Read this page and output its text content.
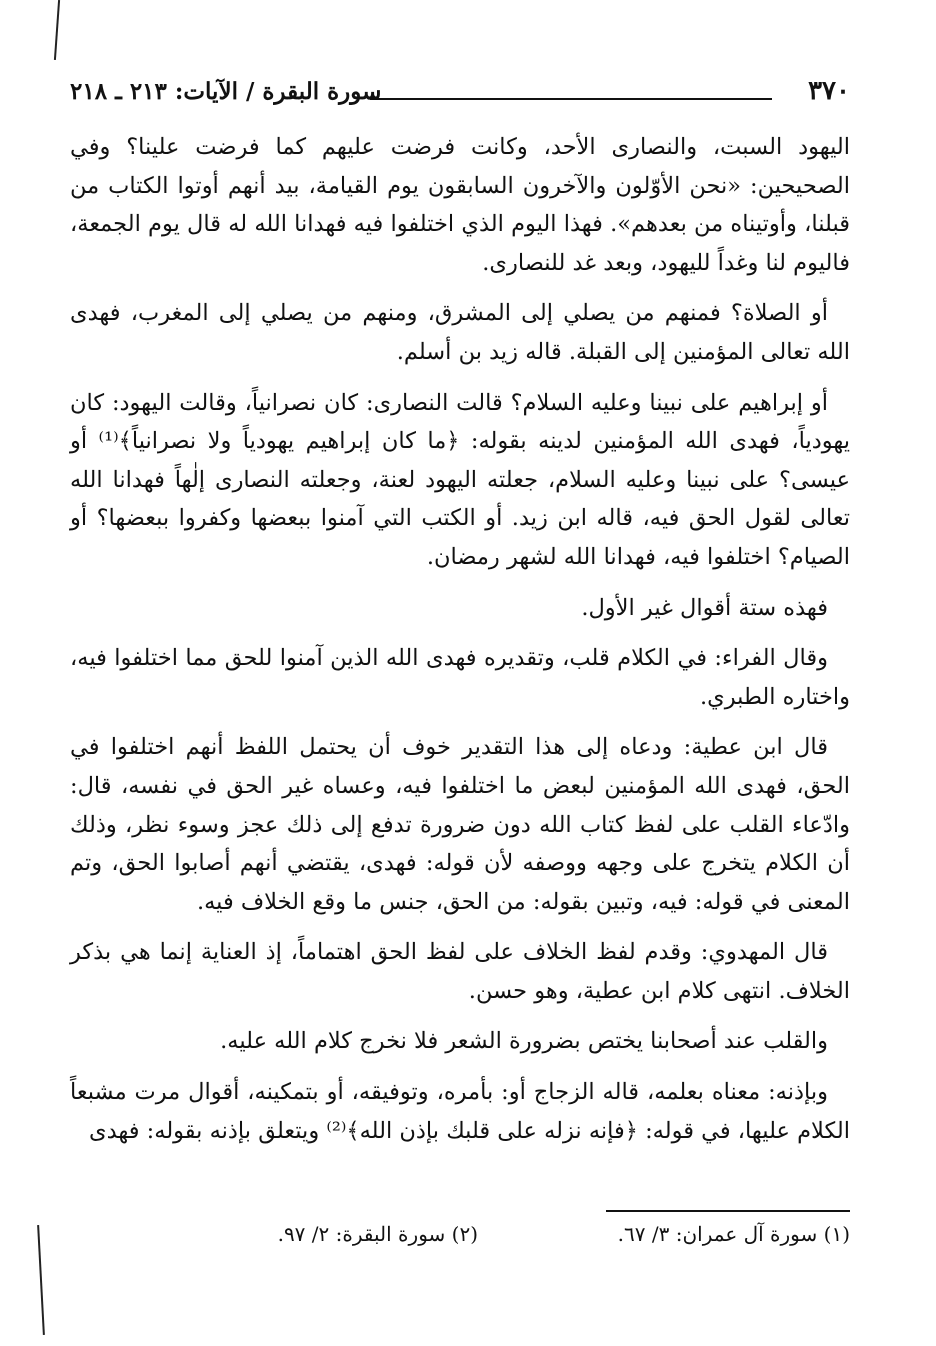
٣٧٠
سورة البقرة / الآيات: ٢١٣ ـ ٢١٨

اليهود السبت، والنصارى الأحد، وكانت فرضت عليهم كما فرضت علينا؟ وفي الصحيحين: «نحن الأوّلون والآخرون السابقون يوم القيامة، بيد أنهم أوتوا الكتاب من قبلنا، وأوتيناه من بعدهم». فهذا اليوم الذي اختلفوا فيه فهدانا الله له قال يوم الجمعة، فاليوم لنا وغداً لليهود، وبعد غد للنصارى.

أو الصلاة؟ فمنهم من يصلي إلى المشرق، ومنهم من يصلي إلى المغرب، فهدى الله تعالى المؤمنين إلى القبلة. قاله زيد بن أسلم.

أو إبراهيم على نبينا وعليه السلام؟ قالت النصارى: كان نصرانياً، وقالت اليهود: كان يهودياً، فهدى الله المؤمنين لدينه بقوله: ﴿ما كان إبراهيم يهودياً ولا نصرانياً﴾⁽¹⁾ أو عيسى؟ على نبينا وعليه السلام، جعلته اليهود لعنة، وجعلته النصارى إلٰهاً فهدانا الله تعالى لقول الحق فيه، قاله ابن زيد. أو الكتب التي آمنوا ببعضها وكفروا ببعضها؟ أو الصيام؟ اختلفوا فيه، فهدانا الله لشهر رمضان.

فهذه ستة أقوال غير الأول.

وقال الفراء: في الكلام قلب، وتقديره فهدى الله الذين آمنوا للحق مما اختلفوا فيه، واختاره الطبري.

قال ابن عطية: ودعاه إلى هذا التقدير خوف أن يحتمل اللفظ أنهم اختلفوا في الحق، فهدى الله المؤمنين لبعض ما اختلفوا فيه، وعساه غير الحق في نفسه، قال: وادّعاء القلب على لفظ كتاب الله دون ضرورة تدفع إلى ذلك عجز وسوء نظر، وذلك أن الكلام يتخرج على وجهه ووصفه لأن قوله: فهدى، يقتضي أنهم أصابوا الحق، وتم المعنى في قوله: فيه، وتبين بقوله: من الحق، جنس ما وقع الخلاف فيه.

قال المهدوي: وقدم لفظ الخلاف على لفظ الحق اهتماماً، إذ العناية إنما هي بذكر الخلاف. انتهى كلام ابن عطية، وهو حسن.

والقلب عند أصحابنا يختص بضرورة الشعر فلا نخرج كلام الله عليه.

وبإذنه: معناه بعلمه، قاله الزجاج أو: بأمره، وتوفيقه، أو بتمكينه، أقوال مرت مشبعاً الكلام عليها، في قوله: ﴿فإنه نزله على قلبك بإذن الله﴾⁽²⁾ ويتعلق بإذنه بقوله: فهدى

(١) سورة آل عمران: ٣/ ٦٧.
(٢) سورة البقرة: ٢/ ٩٧.
